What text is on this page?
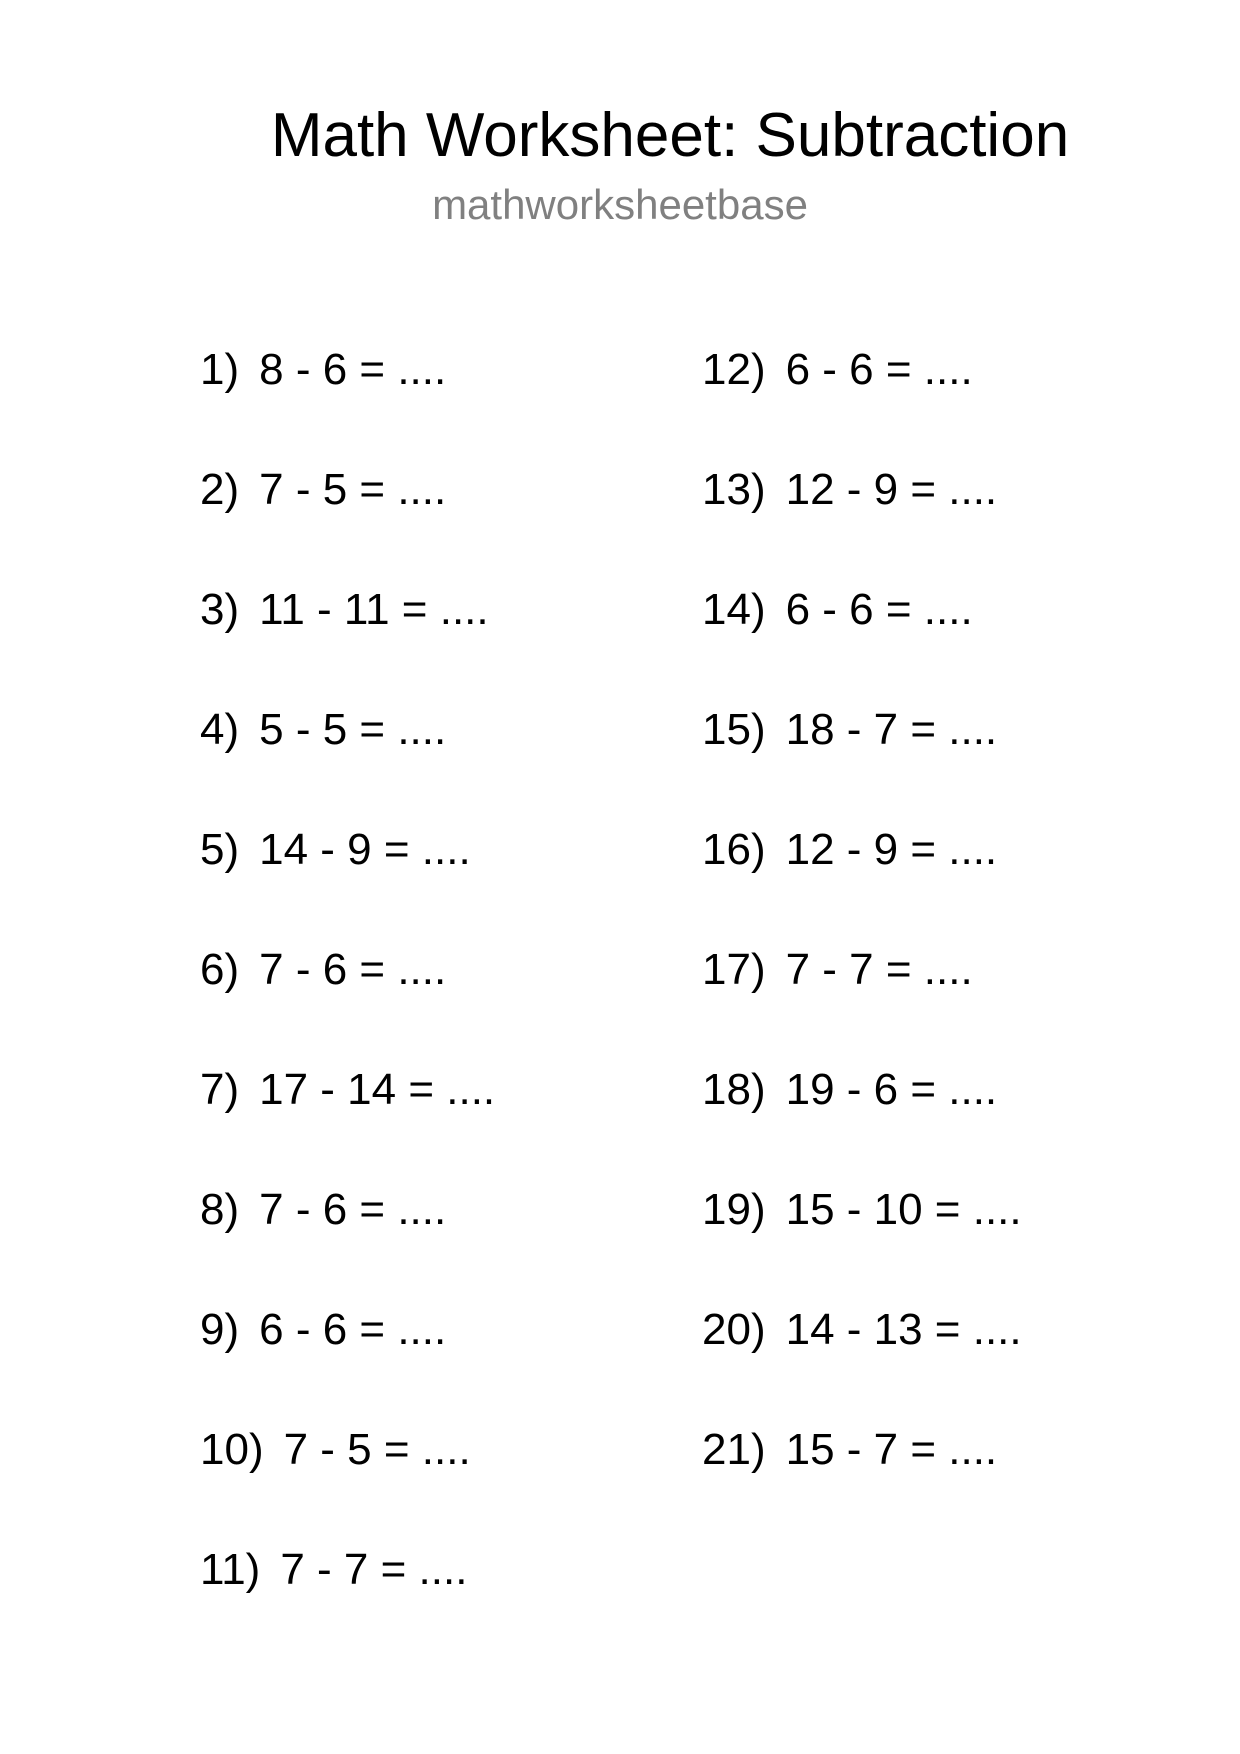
Math Worksheet: Subtraction
mathworksheetbase
1) 8 - 6 = ....
2) 7 - 5 = ....
3) 11 - 11 = ....
4) 5 - 5 = ....
5) 14 - 9 = ....
6) 7 - 6 = ....
7) 17 - 14 = ....
8) 7 - 6 = ....
9) 6 - 6 = ....
10) 7 - 5 = ....
11) 7 - 7 = ....
12) 6 - 6 = ....
13) 12 - 9 = ....
14) 6 - 6 = ....
15) 18 - 7 = ....
16) 12 - 9 = ....
17) 7 - 7 = ....
18) 19 - 6 = ....
19) 15 - 10 = ....
20) 14 - 13 = ....
21) 15 - 7 = ....
